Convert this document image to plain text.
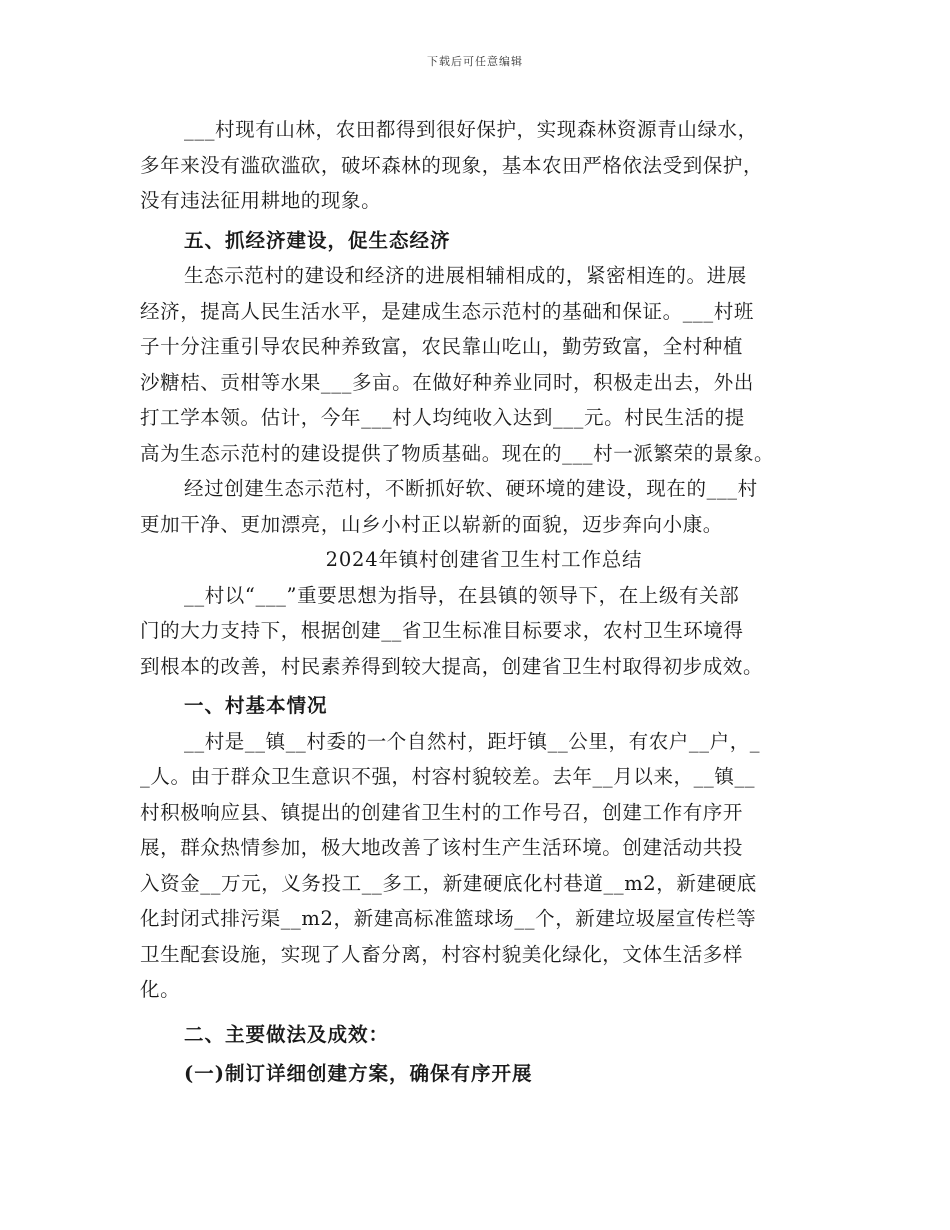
下载后可任意编辑
___村现有山林，农田都得到很好保护，实现森林资源青山绿水，
多年来没有滥砍滥砍，破坏森林的现象，基本农田严格依法受到保护，
没有违法征用耕地的现象。
五、抓经济建设，促生态经济
生态示范村的建设和经济的进展相辅相成的，紧密相连的。进展
经济，提高人民生活水平，是建成生态示范村的基础和保证。___村班
子十分注重引导农民种养致富，农民靠山吃山，勤劳致富，全村种植
沙糖桔、贡柑等水果___多亩。在做好种养业同时，积极走出去，外出
打工学本领。估计，今年___村人均纯收入达到___元。村民生活的提
高为生态示范村的建设提供了物质基础。现在的___村一派繁荣的景象。
经过创建生态示范村，不断抓好软、硬环境的建设，现在的___村
更加干净、更加漂亮，山乡小村正以崭新的面貌，迈步奔向小康。
2024年镇村创建省卫生村工作总结
__村以“___”重要思想为指导，在县镇的领导下，在上级有关部
门的大力支持下，根据创建__省卫生标准目标要求，农村卫生环境得
到根本的改善，村民素养得到较大提高，创建省卫生村取得初步成效。
一、村基本情况
__村是__镇__村委的一个自然村，距圩镇__公里，有农户__户，_
_人。由于群众卫生意识不强，村容村貌较差。去年__月以来，__镇__
村积极响应县、镇提出的创建省卫生村的工作号召，创建工作有序开
展，群众热情参加，极大地改善了该村生产生活环境。创建活动共投
入资金__万元，义务投工__多工，新建硬底化村巷道__m2，新建硬底
化封闭式排污渠__m2，新建高标准篮球场__个，新建垃圾屋宣传栏等
卫生配套设施，实现了人畜分离，村容村貌美化绿化，文体生活多样
化。
二、主要做法及成效：
(一)制订详细创建方案，确保有序开展
